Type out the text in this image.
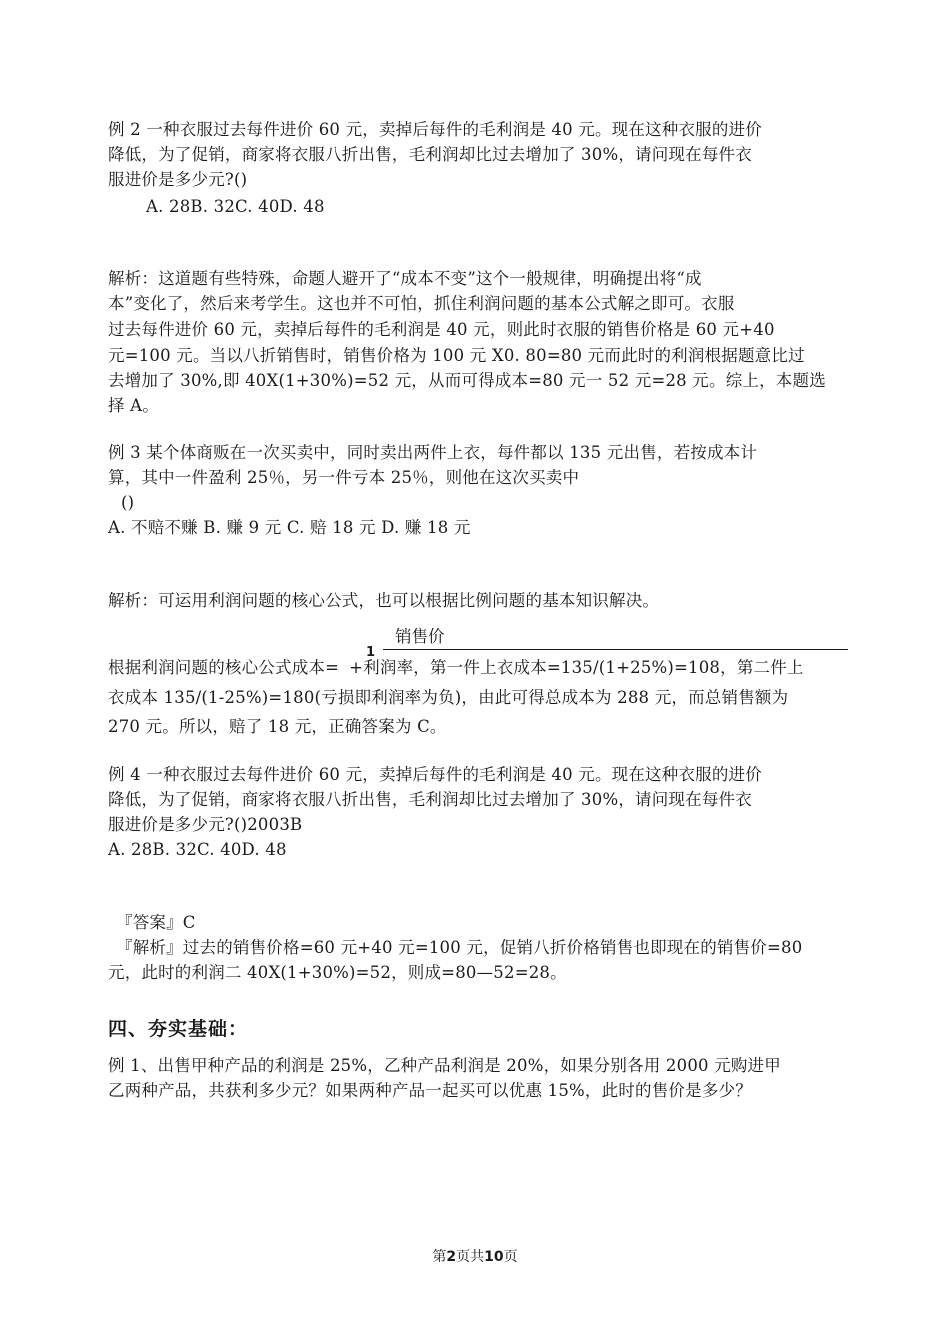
例 2 一种衣服过去每件进价 60 元，卖掉后每件的毛利润是 40 元。现在这种衣服的进价
降低，为了促销，商家将衣服八折出售，毛利润却比过去增加了 30%，请问现在每件衣
服进价是多少元?()
A. 28B. 32C. 40D. 48
解析：这道题有些特殊，命题人避开了“成本不变”这个一般规律，明确提出将“成
本”变化了，然后来考学生。这也并不可怕，抓住利润问题的基本公式解之即可。衣服
过去每件进价 60 元，卖掉后每件的毛利润是 40 元，则此时衣服的销售价格是 60 元+40
元=100 元。当以八折销售时，销售价格为 100 元 X0. 80=80 元而此时的利润根据题意比过
去增加了 30%,即 40X(1+30%)=52 元，从而可得成本=80 元一 52 元=28 元。综上，本题选
择 A。
例 3 某个体商贩在一次买卖中，同时卖出两件上衣，每件都以 135 元出售，若按成本计
算，其中一件盈利 25％，另一件亏本 25％，则他在这次买卖中
()
A. 不赔不赚 B. 赚 9 元 C. 赔 18 元 D. 赚 18 元
解析：可运用利润问题的核心公式，也可以根据比例问题的基本知识解决。
销售价
1
根据利润问题的核心公式成本= +利润率，第一件上衣成本=135/(1+25%)=108，第二件上
衣成本 135/(1-25%)=180(亏损即利润率为负)，由此可得总成本为 288 元，而总销售额为
270 元。所以，赔了 18 元，正确答案为 C。
例 4 一种衣服过去每件进价 60 元，卖掉后每件的毛利润是 40 元。现在这种衣服的进价
降低，为了促销，商家将衣服八折出售，毛利润却比过去增加了 30%，请问现在每件衣
服进价是多少元?()2003B
A. 28B. 32C. 40D. 48
『答案』C
『解析』过去的销售价格=60 元+40 元=100 元，促销八折价格销售也即现在的销售价=80
元，此时的利润二 40X(1+30%)=52，则成=80—52=28。
四、夯实基础：
例 1、出售甲种产品的利润是 25%，乙种产品利润是 20%，如果分别各用 2000 元购进甲
乙两种产品，共获利多少元？如果两种产品一起买可以优惠 15%，此时的售价是多少？
第2页共10页
